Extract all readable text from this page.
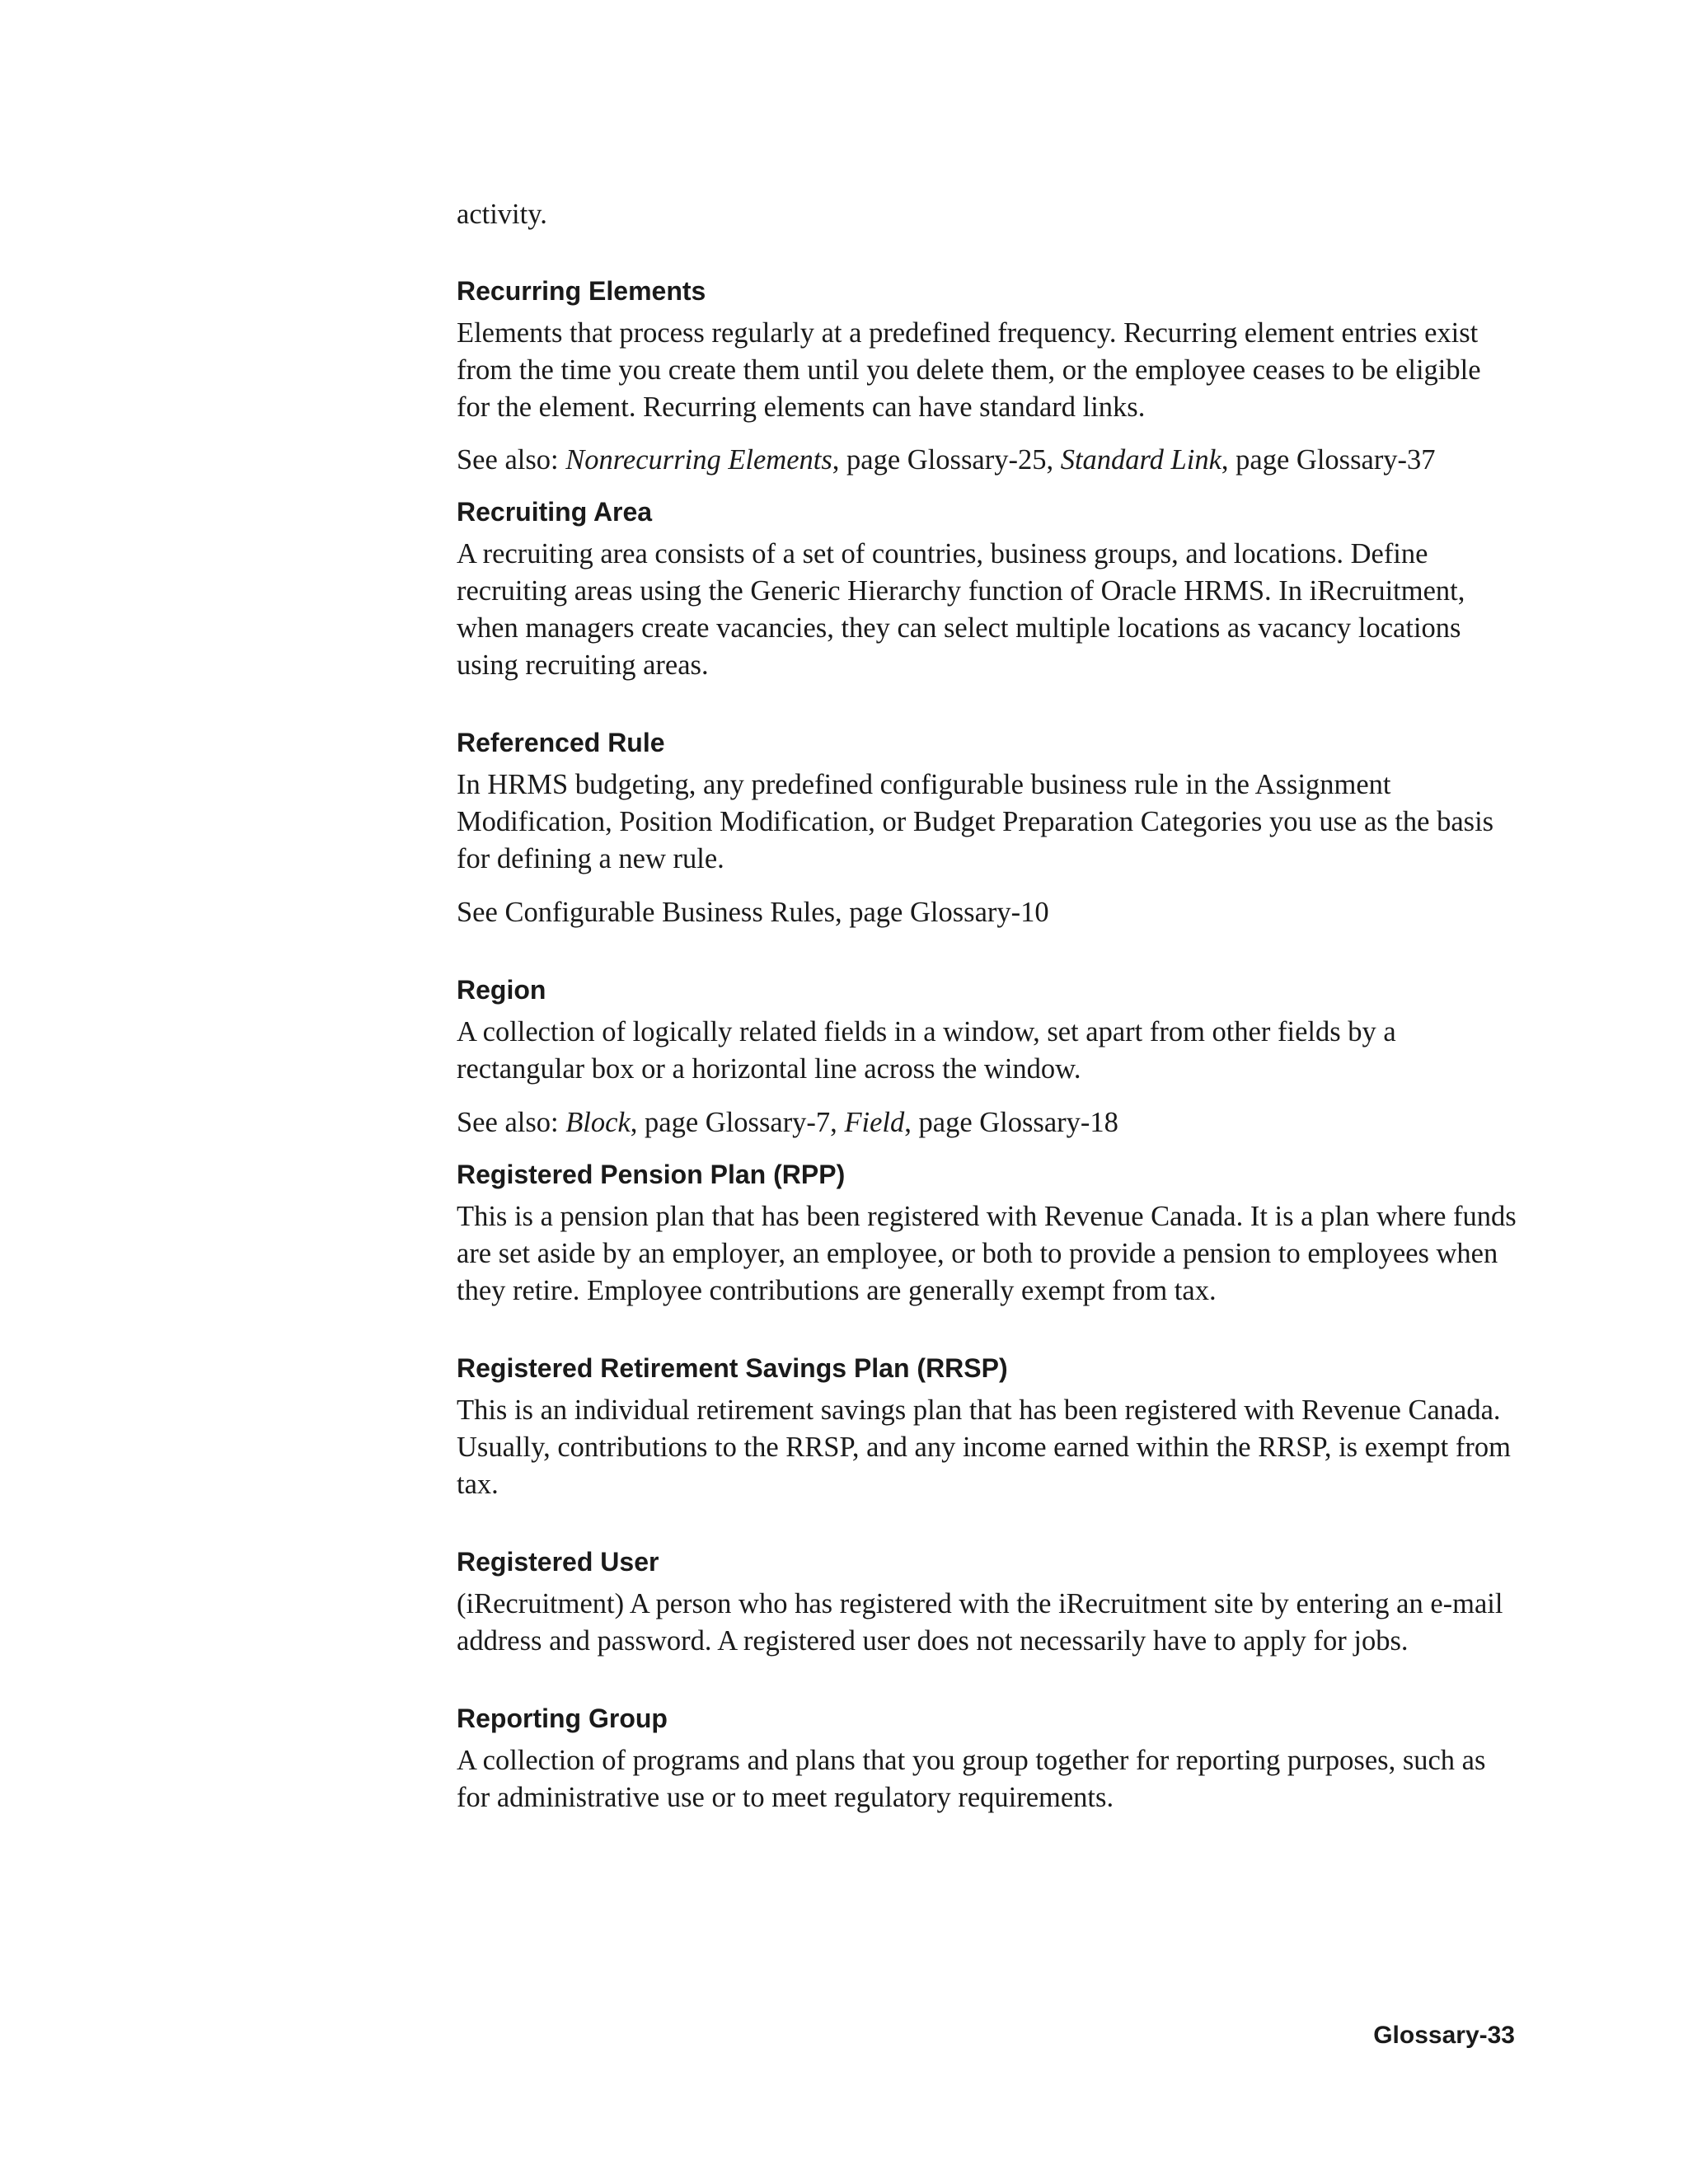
activity.

Recurring Elements

Elements that process regularly at a predefined frequency. Recurring element entries exist from the time you create them until you delete them, or the employee ceases to be eligible for the element. Recurring elements can have standard links.

See also: Nonrecurring Elements, page Glossary-25, Standard Link, page Glossary-37

Recruiting Area

A recruiting area consists of a set of countries, business groups, and locations. Define recruiting areas using the Generic Hierarchy function of Oracle HRMS. In iRecruitment, when managers create vacancies, they can select multiple locations as vacancy locations using recruiting areas.

Referenced Rule

In HRMS budgeting, any predefined configurable business rule in the Assignment Modification, Position Modification, or Budget Preparation Categories you use as the basis for defining a new rule.

See Configurable Business Rules, page Glossary-10

Region

A collection of logically related fields in a window, set apart from other fields by a rectangular box or a horizontal line across the window.

See also: Block, page Glossary-7, Field, page Glossary-18

Registered Pension Plan (RPP)

This is a pension plan that has been registered with Revenue Canada. It is a plan where funds are set aside by an employer, an employee, or both to provide a pension to employees when they retire. Employee contributions are generally exempt from tax.

Registered Retirement Savings Plan (RRSP)

This is an individual retirement savings plan that has been registered with Revenue Canada. Usually, contributions to the RRSP, and any income earned within the RRSP, is exempt from tax.

Registered User

(iRecruitment) A person who has registered with the iRecruitment site by entering an e-mail address and password. A registered user does not necessarily have to apply for jobs.

Reporting Group

A collection of programs and plans that you group together for reporting purposes, such as for administrative use or to meet regulatory requirements.

Glossary-33
